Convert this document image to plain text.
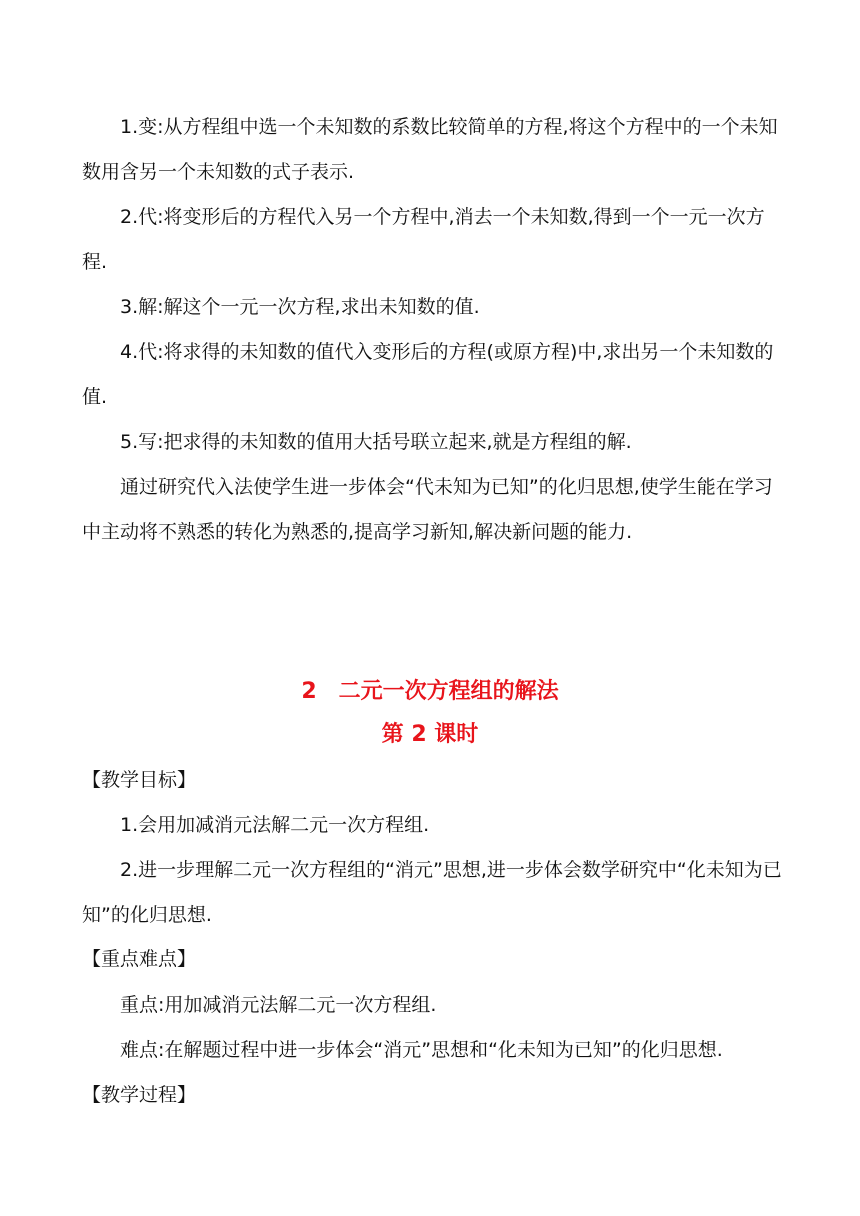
1.变:从方程组中选一个未知数的系数比较简单的方程,将这个方程中的一个未知数用含另一个未知数的式子表示.

2.代:将变形后的方程代入另一个方程中,消去一个未知数,得到一个一元一次方程.

3.解:解这个一元一次方程,求出未知数的值.

4.代:将求得的未知数的值代入变形后的方程(或原方程)中,求出另一个未知数的值.

5.写:把求得的未知数的值用大括号联立起来,就是方程组的解.

通过研究代入法使学生进一步体会“代未知为已知”的化归思想,使学生能在学习中主动将不熟悉的转化为熟悉的,提高学习新知,解决新问题的能力.

2　二元一次方程组的解法
第 2 课时

【教学目标】

1.会用加减消元法解二元一次方程组.

2.进一步理解二元一次方程组的“消元”思想,进一步体会数学研究中“化未知为已知”的化归思想.

【重点难点】

重点:用加减消元法解二元一次方程组.

难点:在解题过程中进一步体会“消元”思想和“化未知为已知”的化归思想.

【教学过程】
